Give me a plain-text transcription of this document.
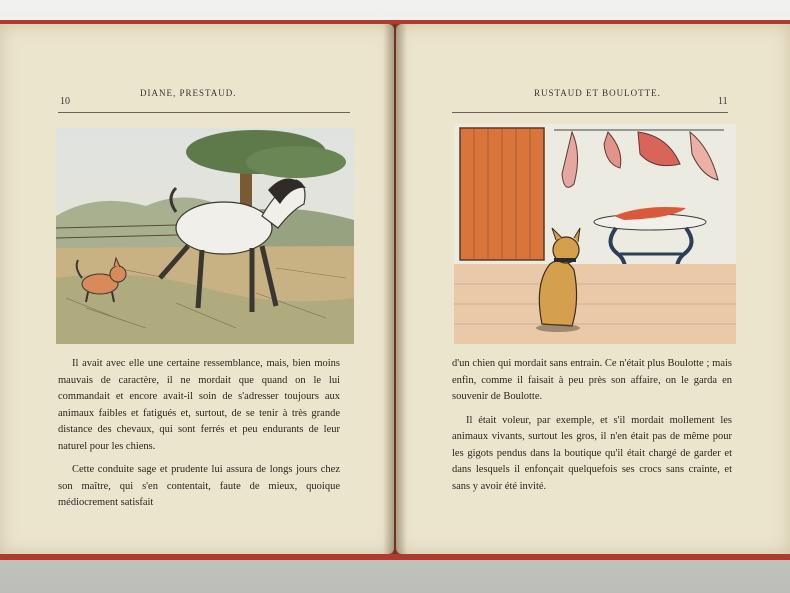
10
DIANE, PRESTAUD.

Il avait avec elle une certaine ressemblance, mais, bien moins mauvais de caractère, il ne mordait que quand on le lui commandait et encore avait-il soin de s'adresser toujours aux animaux faibles et fatigués et, surtout, de se tenir à très grande distance des chevaux, qui sont ferrés et peu endurants de leur naturel pour les chiens.

Cette conduite sage et prudente lui assura de longs jours chez son maître, qui s'en contentait, faute de mieux, quoique médiocrement satisfait

RUSTAUD ET BOULOTTE.
11

d'un chien qui mordait sans entrain. Ce n'était plus Boulotte ; mais enfin, comme il faisait à peu près son affaire, on le garda en souvenir de Boulotte.

Il était voleur, par exemple, et s'il mordait mollement les animaux vivants, surtout les gros, il n'en était pas de même pour les gigots pendus dans la boutique qu'il était chargé de garder et dans lesquels il enfonçait quelquefois ses crocs sans crainte, et sans y avoir été invité.
